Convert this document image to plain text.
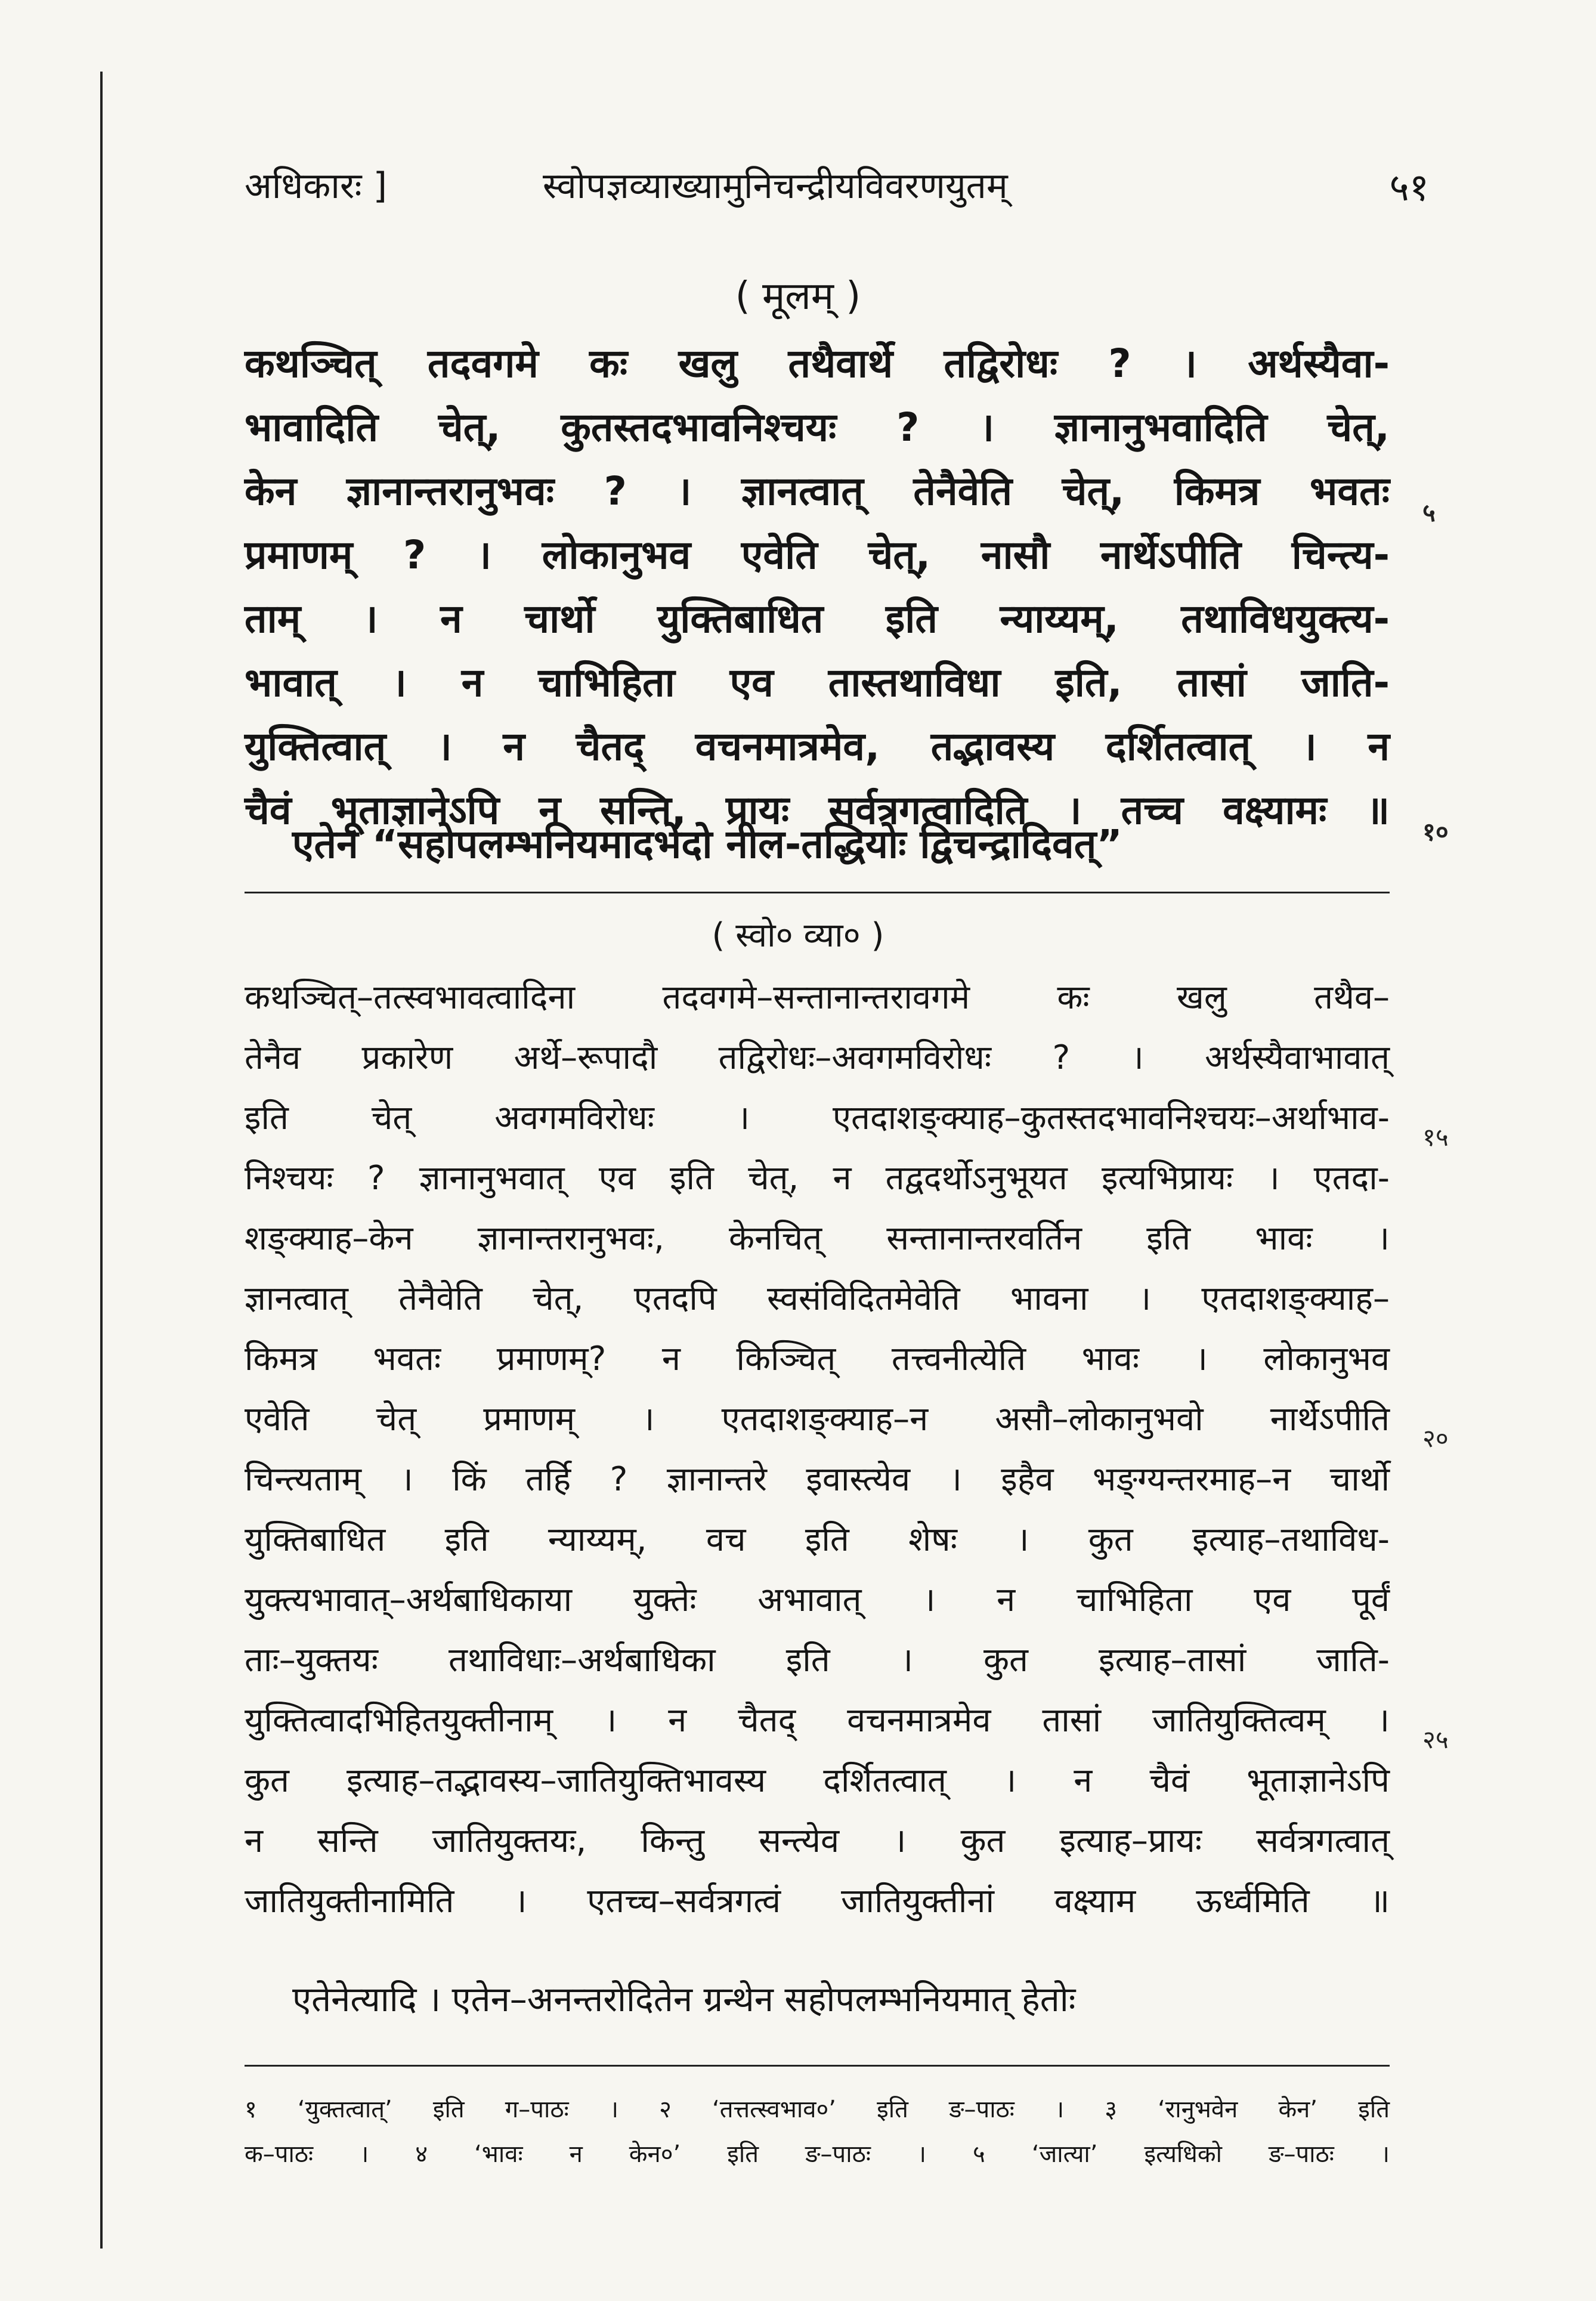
अधिकारः ]	स्वोपज्ञव्याख्यामुनिचन्द्रीयविवरणयुतम्	५१
( मूलम् )
कथञ्चित् तदवगमे कः खलु तथैवार्थे तद्विरोधः ? । अर्थस्यैवा-
भावादिति चेत्, कुतस्तदभावनिश्चयः ? । ज्ञानानुभवादिति चेत्,
केन ज्ञानान्तरानुभवः ? । ज्ञानत्वात् तेनैवेति चेत्, किमत्र भवतः ५
प्रमाणम् ? । लोकानुभव एवेति चेत्, नासौ नार्थेऽपीति चिन्त्य-
ताम् । न चार्थो युक्तिबाधित इति न्याय्यम्, तथाविधयुक्त्य-
भावात् । न चाभिहिता एव तास्तथाविधा इति, तासां जाति-
युक्तित्वात् । न चैतद् वचनमात्रमेव, तद्भावस्य दर्शितत्वात् । न
चैवं भूताज्ञानेऽपि न सन्ति, प्रायः सर्वत्रगत्वादिति । तच्च वक्ष्यामः ॥ १०
एतेन “सहोपलम्भनियमादभेदो नील-तद्धियोः द्विचन्द्रादिवत्”
( स्वो० व्या० )
कथञ्चित्–तत्स्वभावत्वादिना तदवगमे–सन्तानान्तरावगमे कः खलु तथैव–
तेनैव प्रकारेण अर्थे–रूपादौ तद्विरोधः–अवगमविरोधः ? । अर्थस्यैवाभावात्
इति चेत् अवगमविरोधः । एतदाशङ्क्याह–कुतस्तदभावनिश्चयः–अर्थाभाव- १५
निश्चयः ? ज्ञानानुभवात् एव इति चेत्, न तद्वदर्थोऽनुभूयत इत्यभिप्रायः । एतदा-
शङ्क्याह–केन ज्ञानान्तरानुभवः, केनचित् सन्तानान्तरवर्तिन इति भावः ।
ज्ञानत्वात् तेनैवेति चेत्, एतदपि स्वसंविदितमेवेति भावना । एतदाशङ्क्याह–
किमत्र भवतः प्रमाणम्? न किञ्चित् तत्त्वनीत्येति भावः । लोकानुभव
एवेति चेत् प्रमाणम् । एतदाशङ्क्याह–न असौ–लोकानुभवो नार्थेऽपीति २०
चिन्त्यताम् । किं तर्हि ? ज्ञानान्तरे इवास्त्येव । इहैव भङ्ग्यन्तरमाह–न चार्थो
युक्तिबाधित इति न्याय्यम्, वच इति शेषः । कुत इत्याह–तथाविध-
युक्त्यभावात्–अर्थबाधिकाया युक्तेः अभावात् । न चाभिहिता एव पूर्वं
ताः–युक्तयः तथाविधाः–अर्थबाधिका इति । कुत इत्याह–तासां जाति-
युक्तित्वादभिहितयुक्तीनाम् । न चैतद् वचनमात्रमेव तासां जातियुक्तित्वम् । २५
कुत इत्याह–तद्भावस्य–जातियुक्तिभावस्य दर्शितत्वात् । न चैवं भूताज्ञानेऽपि
न सन्ति जातियुक्तयः, किन्तु सन्त्येव । कुत इत्याह–प्रायः सर्वत्रगत्वात्
जातियुक्तीनामिति । एतच्च–सर्वत्रगत्वं जातियुक्तीनां वक्ष्याम ऊर्ध्वमिति ॥
एतेनेत्यादि । एतेन–अनन्तरोदितेन ग्रन्थेन सहोपलम्भनियमात् हेतोः
१ ‘युक्तत्वात्’ इति ग–पाठः । २ ‘तत्तत्स्वभाव०’ इति ङ–पाठः । ३ ‘रानुभवेन केन’ इति
क–पाठः । ४ ‘भावः न केन०’ इति ङ–पाठः । ५ ‘जात्या’ इत्यधिको ङ–पाठः ।
